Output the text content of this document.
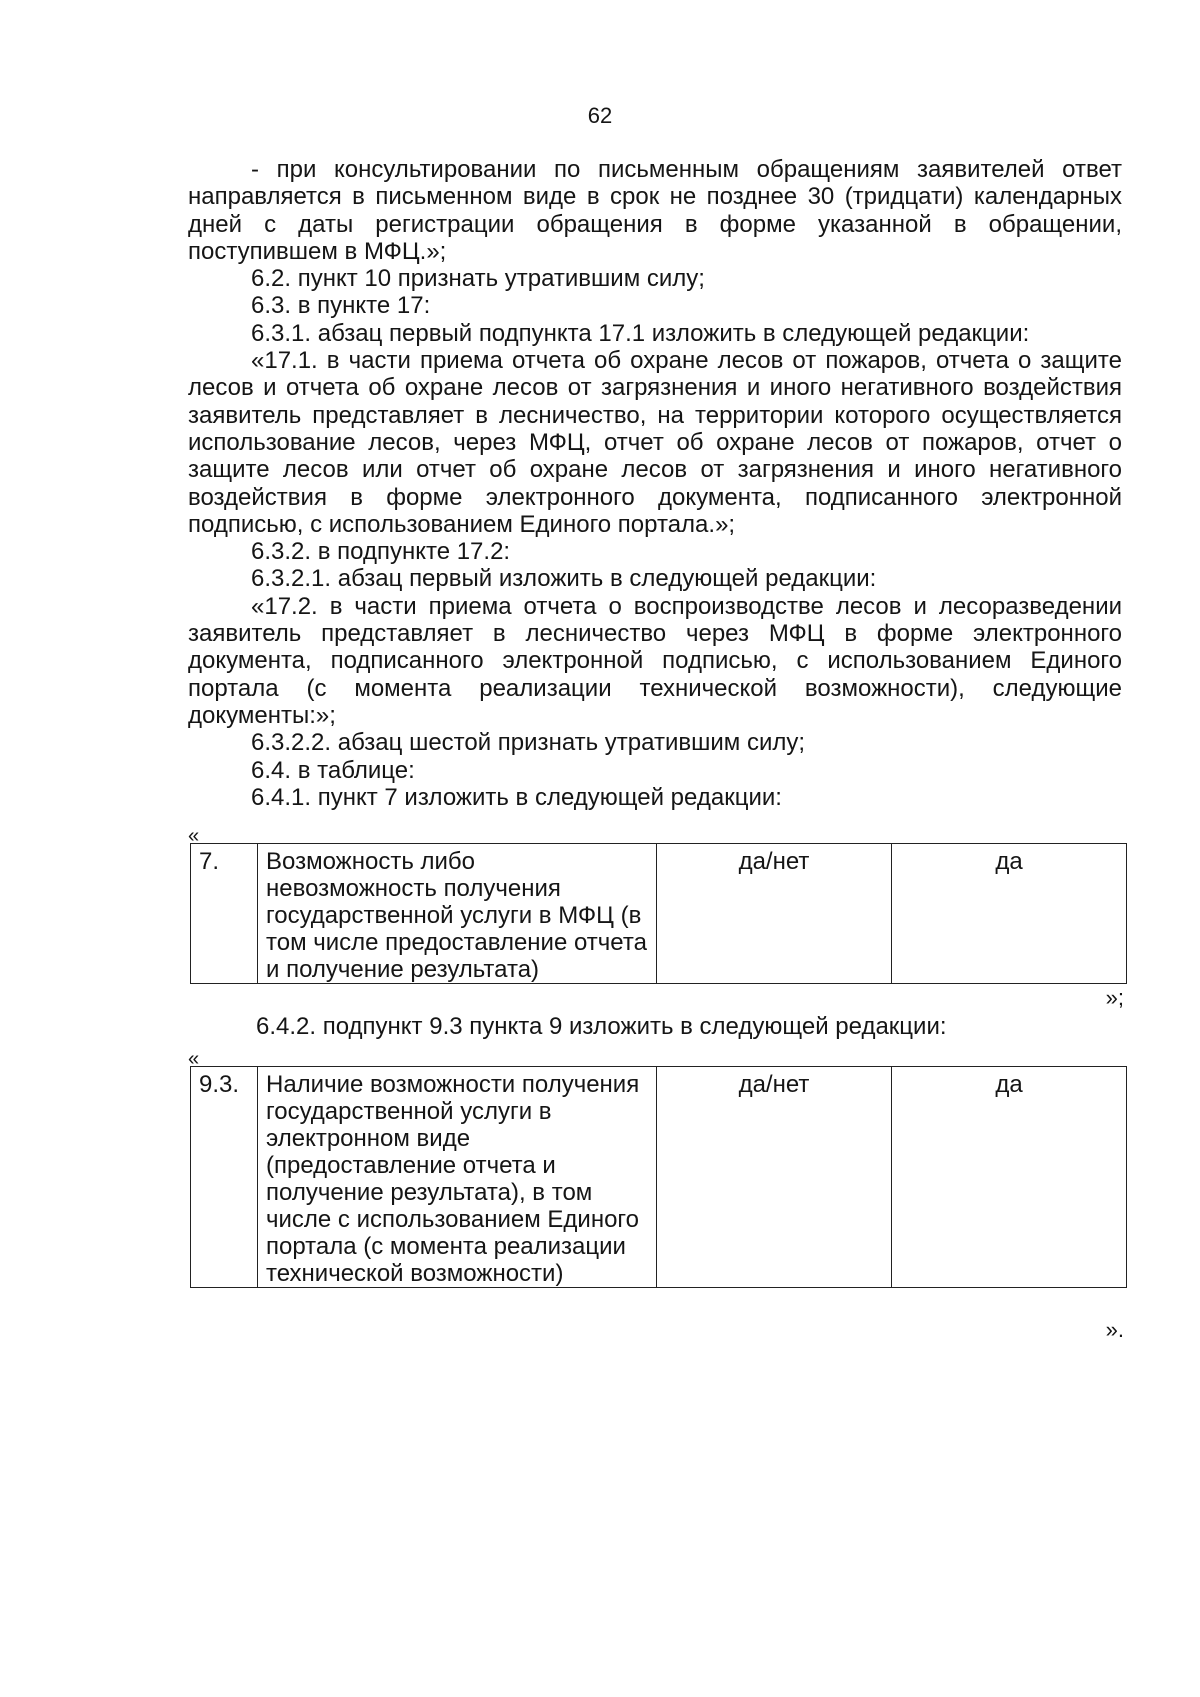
62

- при консультировании по письменным обращениям заявителей ответ направляется в письменном виде в срок не позднее 30 (тридцати) календарных дней с даты регистрации обращения в форме указанной в обращении, поступившем в МФЦ.»;

6.2. пункт 10 признать утратившим силу;

6.3. в пункте 17:

6.3.1. абзац первый подпункта 17.1 изложить в следующей редакции:

«17.1. в части приема отчета об охране лесов от пожаров, отчета о защите лесов и отчета об охране лесов от загрязнения и иного негативного воздействия заявитель представляет в лесничество, на территории которого осуществляется использование лесов, через МФЦ, отчет об охране лесов от пожаров, отчет о защите лесов или отчет об охране лесов от загрязнения и иного негативного воздействия в форме электронного документа, подписанного электронной подписью, с использованием Единого портала.»;

6.3.2. в подпункте 17.2:

6.3.2.1. абзац первый изложить в следующей редакции:

«17.2. в части приема отчета о воспроизводстве лесов и лесоразведении заявитель представляет в лесничество через МФЦ в форме электронного документа, подписанного электронной подписью, с использованием Единого портала (с момента реализации технической возможности), следующие документы:»;

6.3.2.2. абзац шестой признать утратившим силу;

6.4. в таблице:

6.4.1. пункт 7 изложить в следующей редакции:

«
7.	Возможность либо невозможность получения государственной услуги в МФЦ (в том числе предоставление отчета и получение результата)	да/нет	да
»;

6.4.2. подпункт 9.3 пункта 9 изложить в следующей редакции:

«
9.3.	Наличие возможности получения государственной услуги в электронном виде (предоставление отчета и получение результата), в том числе с использованием Единого портала (с момента реализации технической возможности)	да/нет	да
».
